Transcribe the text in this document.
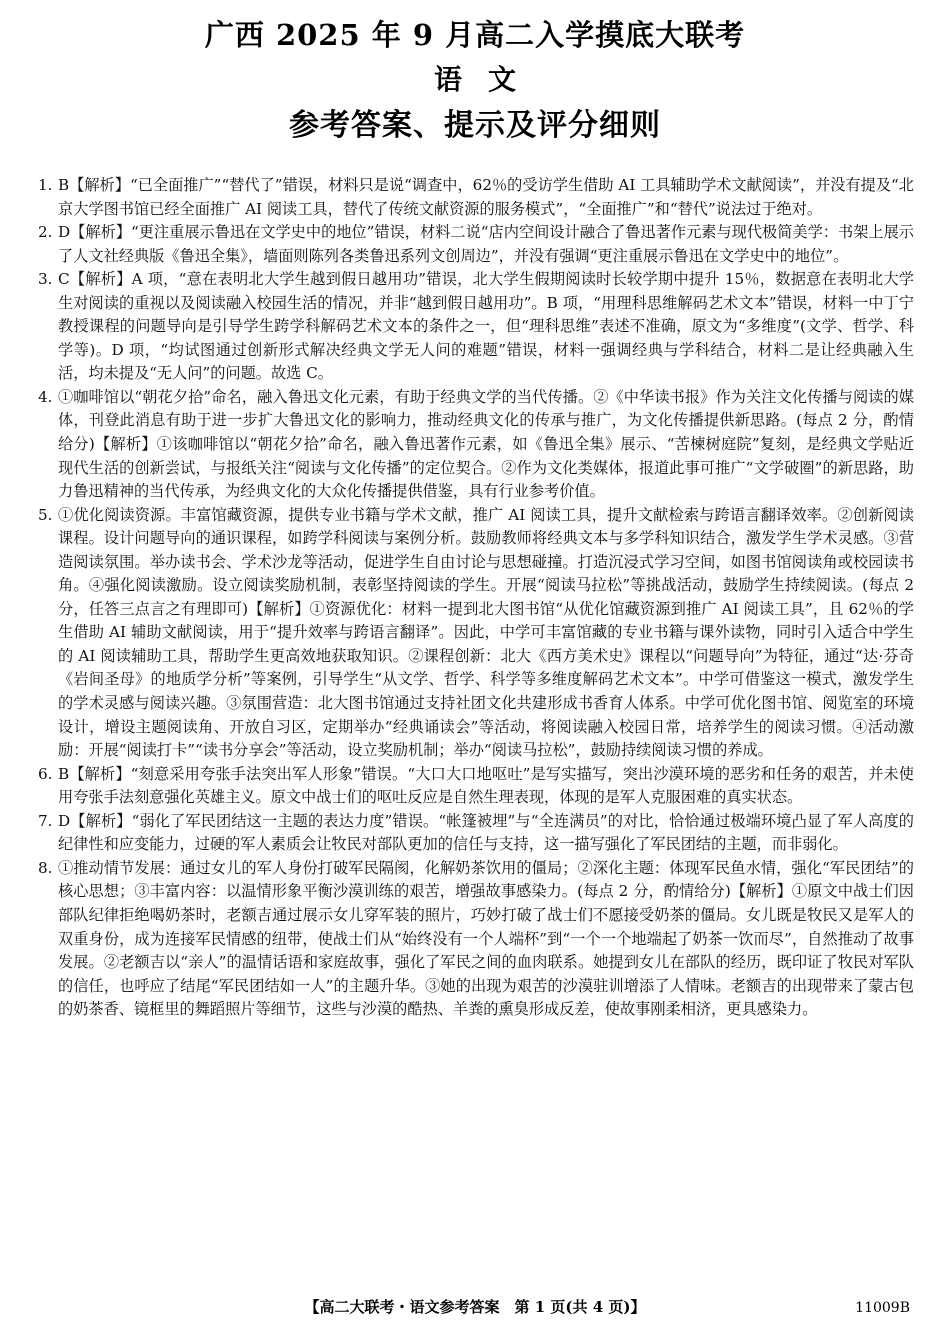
广西 2025 年 9 月高二入学摸底大联考
语文
参考答案、提示及评分细则
1. B【解析】“已全面推广”“替代了”错误，材料只是说“调查中，62％的受访学生借助 AI 工具辅助学术文献阅读”，并没有提及“北京大学图书馆已经全面推广 AI 阅读工具，替代了传统文献资源的服务模式”，“全面推广”和“替代”说法过于绝对。
2. D【解析】“更注重展示鲁迅在文学史中的地位”错误，材料二说“店内空间设计融合了鲁迅著作元素与现代极简美学：书架上展示了人文社经典版《鲁迅全集》，墙面则陈列各类鲁迅系列文创周边”，并没有强调“更注重展示鲁迅在文学史中的地位”。
3. C【解析】A 项，“意在表明北大学生越到假日越用功”错误，北大学生假期阅读时长较学期中提升 15％，数据意在表明北大学生对阅读的重视以及阅读融入校园生活的情况，并非“越到假日越用功”。B 项，“用理科思维解码艺术文本”错误，材料一中丁宁教授课程的问题导向是引导学生跨学科解码艺术文本的条件之一，但“理科思维”表述不准确，原文为“多维度”(文学、哲学、科学等)。D 项，“均试图通过创新形式解决经典文学无人问的难题”错误，材料一强调经典与学科结合，材料二是让经典融入生活，均未提及“无人问”的问题。故选 C。
4. ①咖啡馆以“朝花夕拾”命名，融入鲁迅文化元素，有助于经典文学的当代传播。②《中华读书报》作为关注文化传播与阅读的媒体，刊登此消息有助于进一步扩大鲁迅文化的影响力，推动经典文化的传承与推广，为文化传播提供新思路。(每点 2 分，酌情给分)【解析】①该咖啡馆以“朝花夕拾”命名，融入鲁迅著作元素，如《鲁迅全集》展示、“苦楝树庭院”复刻，是经典文学贴近现代生活的创新尝试，与报纸关注“阅读与文化传播”的定位契合。②作为文化类媒体，报道此事可推广“文学破圈”的新思路，助力鲁迅精神的当代传承，为经典文化的大众化传播提供借鉴，具有行业参考价值。
5. ①优化阅读资源。丰富馆藏资源，提供专业书籍与学术文献，推广 AI 阅读工具，提升文献检索与跨语言翻译效率。②创新阅读课程。设计问题导向的通识课程，如跨学科阅读与案例分析。鼓励教师将经典文本与多学科知识结合，激发学生学术灵感。③营造阅读氛围。举办读书会、学术沙龙等活动，促进学生自由讨论与思想碰撞。打造沉浸式学习空间，如图书馆阅读角或校园读书角。④强化阅读激励。设立阅读奖励机制，表彰坚持阅读的学生。开展“阅读马拉松”等挑战活动，鼓励学生持续阅读。(每点 2 分，任答三点言之有理即可)【解析】①资源优化：材料一提到北大图书馆“从优化馆藏资源到推广 AI 阅读工具”，且 62％的学生借助 AI 辅助文献阅读，用于“提升效率与跨语言翻译”。因此，中学可丰富馆藏的专业书籍与课外读物，同时引入适合中学生的 AI 阅读辅助工具，帮助学生更高效地获取知识。②课程创新：北大《西方美术史》课程以“问题导向”为特征，通过“达·芬奇《岩间圣母》的地质学分析”等案例，引导学生“从文学、哲学、科学等多维度解码艺术文本”。中学可借鉴这一模式，激发学生的学术灵感与阅读兴趣。③氛围营造：北大图书馆通过支持社团文化共建形成书香育人体系。中学可优化图书馆、阅览室的环境设计，增设主题阅读角、开放自习区，定期举办“经典诵读会”等活动，将阅读融入校园日常，培养学生的阅读习惯。④活动激励：开展“阅读打卡”“读书分享会”等活动，设立奖励机制；举办“阅读马拉松”，鼓励持续阅读习惯的养成。
6. B【解析】“刻意采用夸张手法突出军人形象”错误。“大口大口地呕吐”是写实描写，突出沙漠环境的恶劣和任务的艰苦，并未使用夸张手法刻意强化英雄主义。原文中战士们的呕吐反应是自然生理表现，体现的是军人克服困难的真实状态。
7. D【解析】“弱化了军民团结这一主题的表达力度”错误。“帐篷被埋”与“全连满员”的对比，恰恰通过极端环境凸显了军人高度的纪律性和应变能力，过硬的军人素质会让牧民对部队更加的信任与支持，这一描写强化了军民团结的主题，而非弱化。
8. ①推动情节发展：通过女儿的军人身份打破军民隔阂，化解奶茶饮用的僵局；②深化主题：体现军民鱼水情，强化“军民团结”的核心思想；③丰富内容：以温情形象平衡沙漠训练的艰苦，增强故事感染力。(每点 2 分，酌情给分)【解析】①原文中战士们因部队纪律拒绝喝奶茶时，老额吉通过展示女儿穿军装的照片，巧妙打破了战士们不愿接受奶茶的僵局。女儿既是牧民又是军人的双重身份，成为连接军民情感的纽带，使战士们从“始终没有一个人端杯”到“一个一个地端起了奶茶一饮而尽”，自然推动了故事发展。②老额吉以“亲人”的温情话语和家庭故事，强化了军民之间的血肉联系。她提到女儿在部队的经历，既印证了牧民对军队的信任，也呼应了结尾“军民团结如一人”的主题升华。③她的出现为艰苦的沙漠驻训增添了人情味。老额吉的出现带来了蒙古包的奶茶香、镜框里的舞蹈照片等细节，这些与沙漠的酷热、羊粪的熏臭形成反差，使故事刚柔相济，更具感染力。
【高二大联考・语文参考答案　第 1 页(共 4 页)】	11009B
